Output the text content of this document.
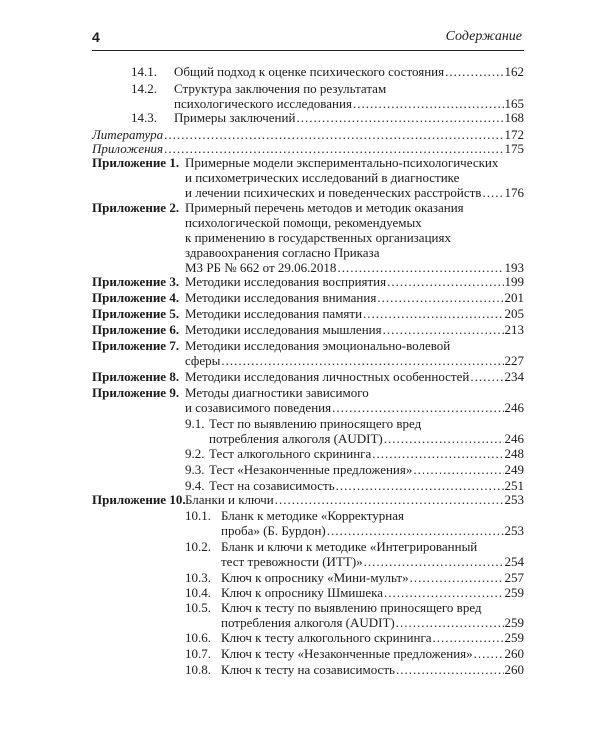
4	Содержание
14.1. Общий подход к оценке психического состояния .....	162
14.2. Структура заключения по результатам
психологического исследования .....	165
14.3. Примеры заключений .....	168
Литература .....	172
Приложения .....	175
Приложение 1. Примерные модели экспериментально-психологических
и психометрических исследований в диагностике
и лечении психических и поведенческих расстройств ..... 176
Приложение 2. Примерный перечень методов и методик оказания
психологической помощи, рекомендуемых
к применению в государственных организациях
здравоохранения согласно Приказа
МЗ РБ № 662 от 29.06.2018 .....	193
Приложение 3. Методики исследования восприятия .....	199
Приложение 4. Методики исследования внимания .....	201
Приложение 5. Методики исследования памяти .....	205
Приложение 6. Методики исследования мышления .....	213
Приложение 7. Методики исследования эмоционально-волевой
сферы .....	227
Приложение 8. Методики исследования личностных особенностей .....	234
Приложение 9. Методы диагностики зависимого
и созависимого поведения .....	246
9.1. Тест по выявлению приносящего вред
потребления алкоголя (AUDIT) .....	246
9.2. Тест алкогольного скрининга .....	248
9.3. Тест «Незаконченные предложения» .....	249
9.4. Тест на созависимость .....	251
Приложение 10. Бланки и ключи .....	253
10.1. Бланк к методике «Корректурная
проба» (Б. Бурдон) .....	253
10.2. Бланк и ключи к методике «Интегрированный
тест тревожности (ИТТ)» .....	254
10.3. Ключ к опроснику «Мини-мульт» .....	257
10.4. Ключ к опроснику Шмишека .....	259
10.5. Ключ к тесту по выявлению приносящего вред
потребления алкоголя (AUDIT) .....	259
10.6. Ключ к тесту алкогольного скрининга .....	259
10.7. Ключ к тесту «Незаконченные предложения» ..... 260
10.8. Ключ к тесту на созависимость .....	260
